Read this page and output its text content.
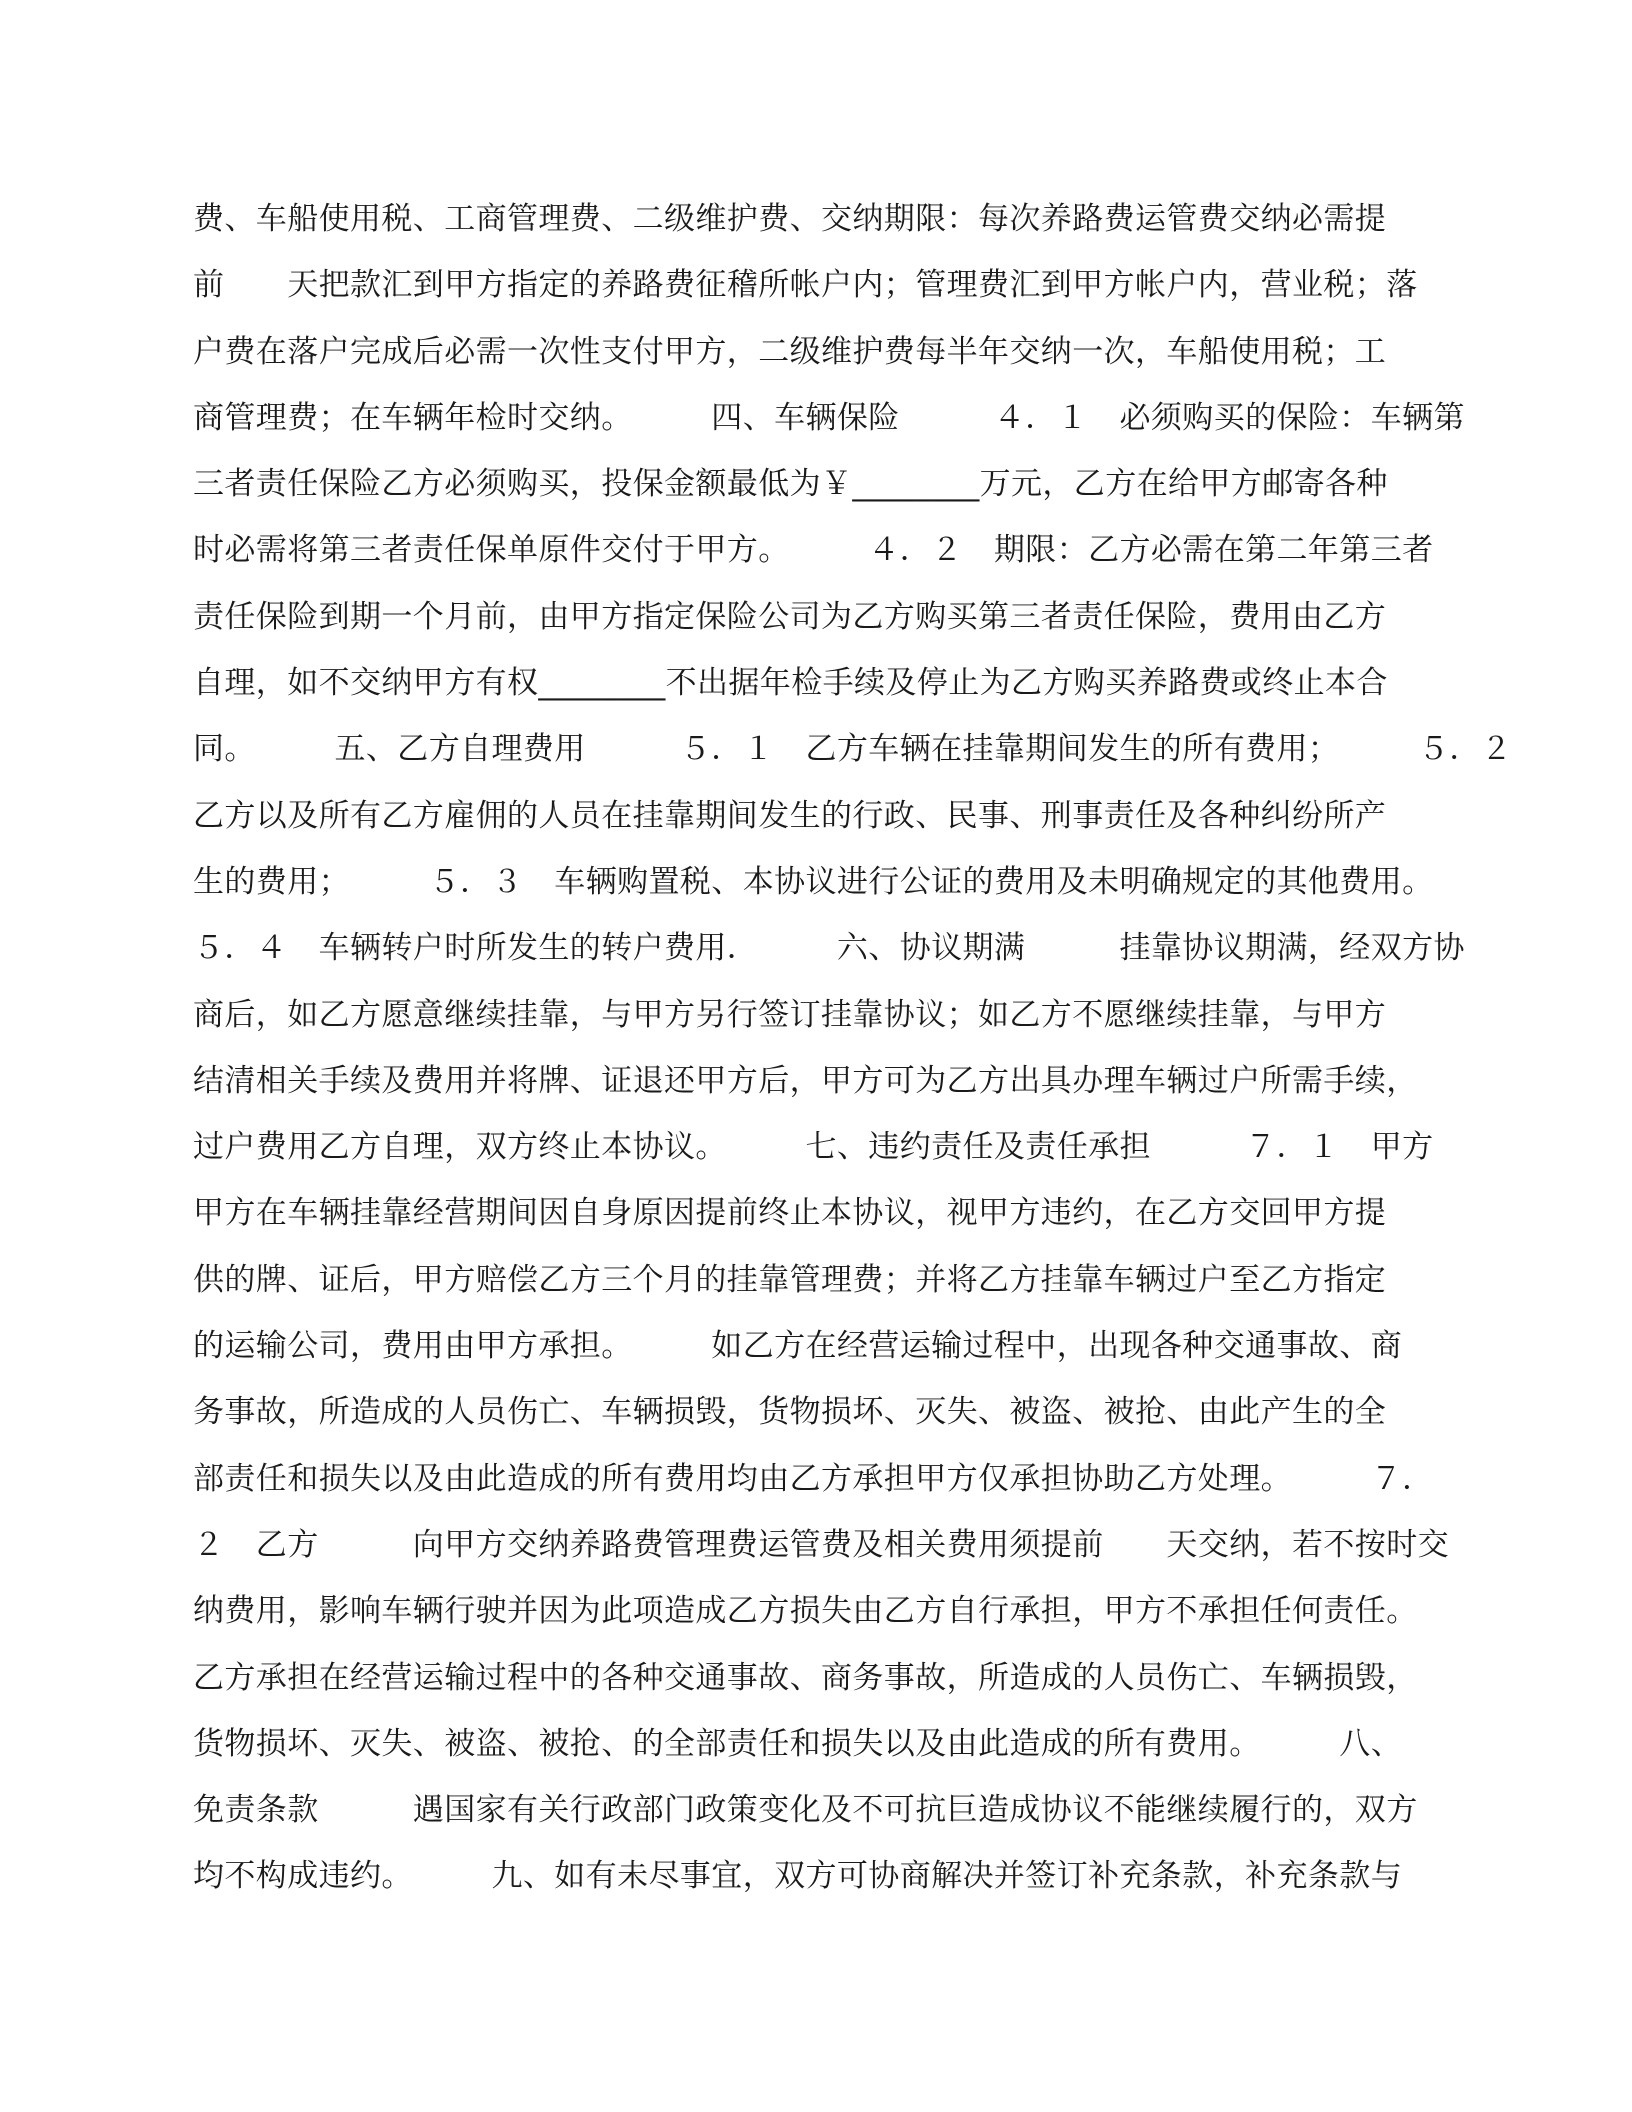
费、车船使用税、工商管理费、二级维护费、交纳期限：每次养路费运管费交纳必需提
前　　天把款汇到甲方指定的养路费征稽所帐户内；管理费汇到甲方帐户内，营业税；落
户费在落户完成后必需一次性支付甲方，二级维护费每半年交纳一次，车船使用税；工
商管理费；在车辆年检时交纳。　　　四、车辆保险　　　４．１　必须购买的保险：车辆第
三者责任保险乙方必须购买，投保金额最低为￥________万元，乙方在给甲方邮寄各种
时必需将第三者责任保单原件交付于甲方。　　　４．２　期限：乙方必需在第二年第三者
责任保险到期一个月前，由甲方指定保险公司为乙方购买第三者责任保险，费用由乙方
自理，如不交纳甲方有权________不出据年检手续及停止为乙方购买养路费或终止本合
同。　　　五、乙方自理费用　　　５．１　乙方车辆在挂靠期间发生的所有费用；　　　５．２
乙方以及所有乙方雇佣的人员在挂靠期间发生的行政、民事、刑事责任及各种纠纷所产
生的费用；　　　５．３　车辆购置税、本协议进行公证的费用及未明确规定的其他费用。
５．４　车辆转户时所发生的转户费用．　　　六、协议期满　　　挂靠协议期满，经双方协
商后，如乙方愿意继续挂靠，与甲方另行签订挂靠协议；如乙方不愿继续挂靠，与甲方
结清相关手续及费用并将牌、证退还甲方后，甲方可为乙方出具办理车辆过户所需手续，
过户费用乙方自理，双方终止本协议。　　　七、违约责任及责任承担　　　７．１　甲方
甲方在车辆挂靠经营期间因自身原因提前终止本协议，视甲方违约，在乙方交回甲方提
供的牌、证后，甲方赔偿乙方三个月的挂靠管理费；并将乙方挂靠车辆过户至乙方指定
的运输公司，费用由甲方承担。　　　如乙方在经营运输过程中，出现各种交通事故、商
务事故，所造成的人员伤亡、车辆损毁，货物损坏、灭失、被盗、被抢、由此产生的全
部责任和损失以及由此造成的所有费用均由乙方承担甲方仅承担协助乙方处理。　　　７．
２　乙方　　　向甲方交纳养路费管理费运管费及相关费用须提前　　天交纳，若不按时交
纳费用，影响车辆行驶并因为此项造成乙方损失由乙方自行承担，甲方不承担任何责任。
乙方承担在经营运输过程中的各种交通事故、商务事故，所造成的人员伤亡、车辆损毁，
货物损坏、灭失、被盗、被抢、的全部责任和损失以及由此造成的所有费用。　　　八、
免责条款　　　遇国家有关行政部门政策变化及不可抗巨造成协议不能继续履行的，双方
均不构成违约。　　　九、如有未尽事宜，双方可协商解决并签订补充条款，补充条款与
